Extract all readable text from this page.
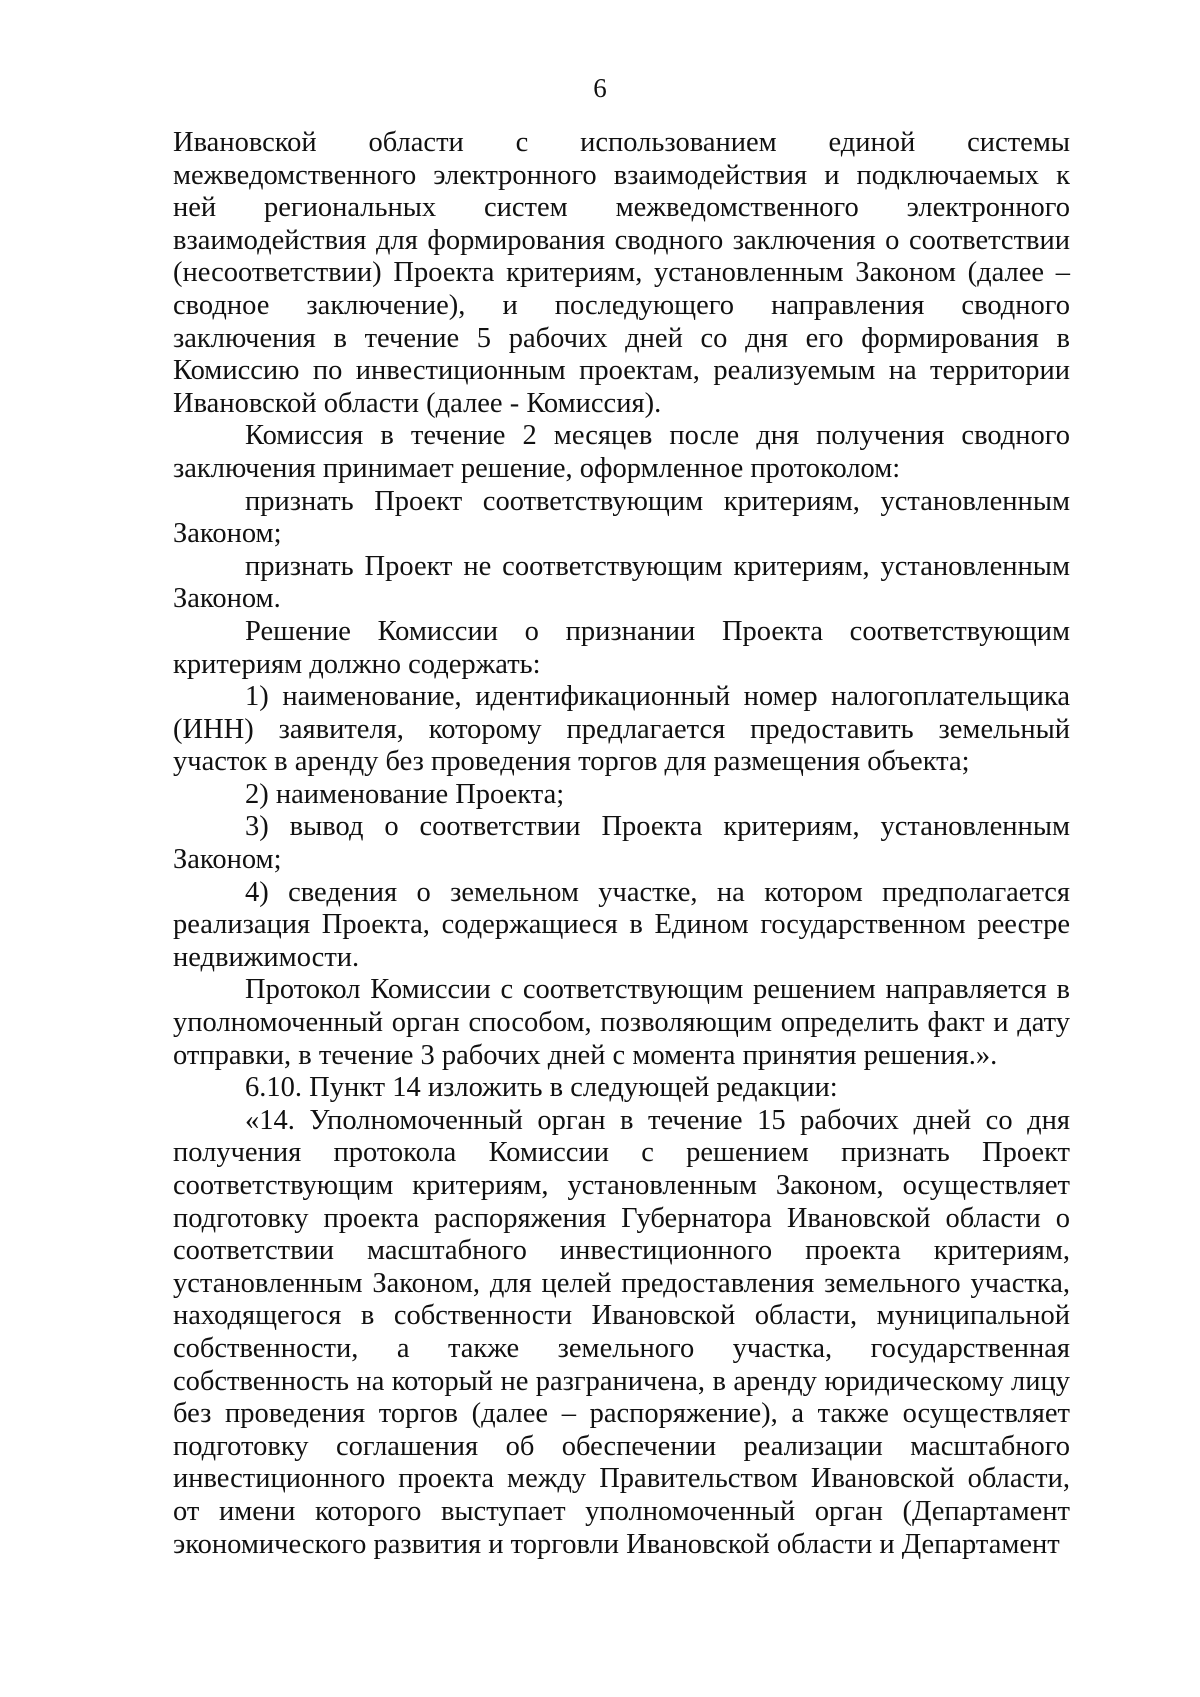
6

Ивановской области с использованием единой системы межведомственного электронного взаимодействия и подключаемых к ней региональных систем межведомственного электронного взаимодействия для формирования сводного заключения о соответствии (несоответствии) Проекта критериям, установленным Законом (далее – сводное заключение), и последующего направления сводного заключения в течение 5 рабочих дней со дня его формирования в Комиссию по инвестиционным проектам, реализуемым на территории Ивановской области (далее - Комиссия).

Комиссия в течение 2 месяцев после дня получения сводного заключения принимает решение, оформленное протоколом:

признать Проект соответствующим критериям, установленным Законом;

признать Проект не соответствующим критериям, установленным Законом.

Решение Комиссии о признании Проекта соответствующим критериям должно содержать:

1) наименование, идентификационный номер налогоплательщика (ИНН) заявителя, которому предлагается предоставить земельный участок в аренду без проведения торгов для размещения объекта;

2) наименование Проекта;

3) вывод о соответствии Проекта критериям, установленным Законом;

4) сведения о земельном участке, на котором предполагается реализация Проекта, содержащиеся в Едином государственном реестре недвижимости.

Протокол Комиссии с соответствующим решением направляется в уполномоченный орган способом, позволяющим определить факт и дату отправки, в течение 3 рабочих дней с момента принятия решения.».

6.10. Пункт 14 изложить в следующей редакции:

«14. Уполномоченный орган в течение 15 рабочих дней со дня получения протокола Комиссии с решением признать Проект соответствующим критериям, установленным Законом, осуществляет подготовку проекта распоряжения Губернатора Ивановской области о соответствии масштабного инвестиционного проекта критериям, установленным Законом, для целей предоставления земельного участка, находящегося в собственности Ивановской области, муниципальной собственности, а также земельного участка, государственная собственность на который не разграничена, в аренду юридическому лицу без проведения торгов (далее – распоряжение), а также осуществляет подготовку соглашения об обеспечении реализации масштабного инвестиционного проекта между Правительством Ивановской области, от имени которого выступает уполномоченный орган (Департамент экономического развития и торговли Ивановской области и Департамент
